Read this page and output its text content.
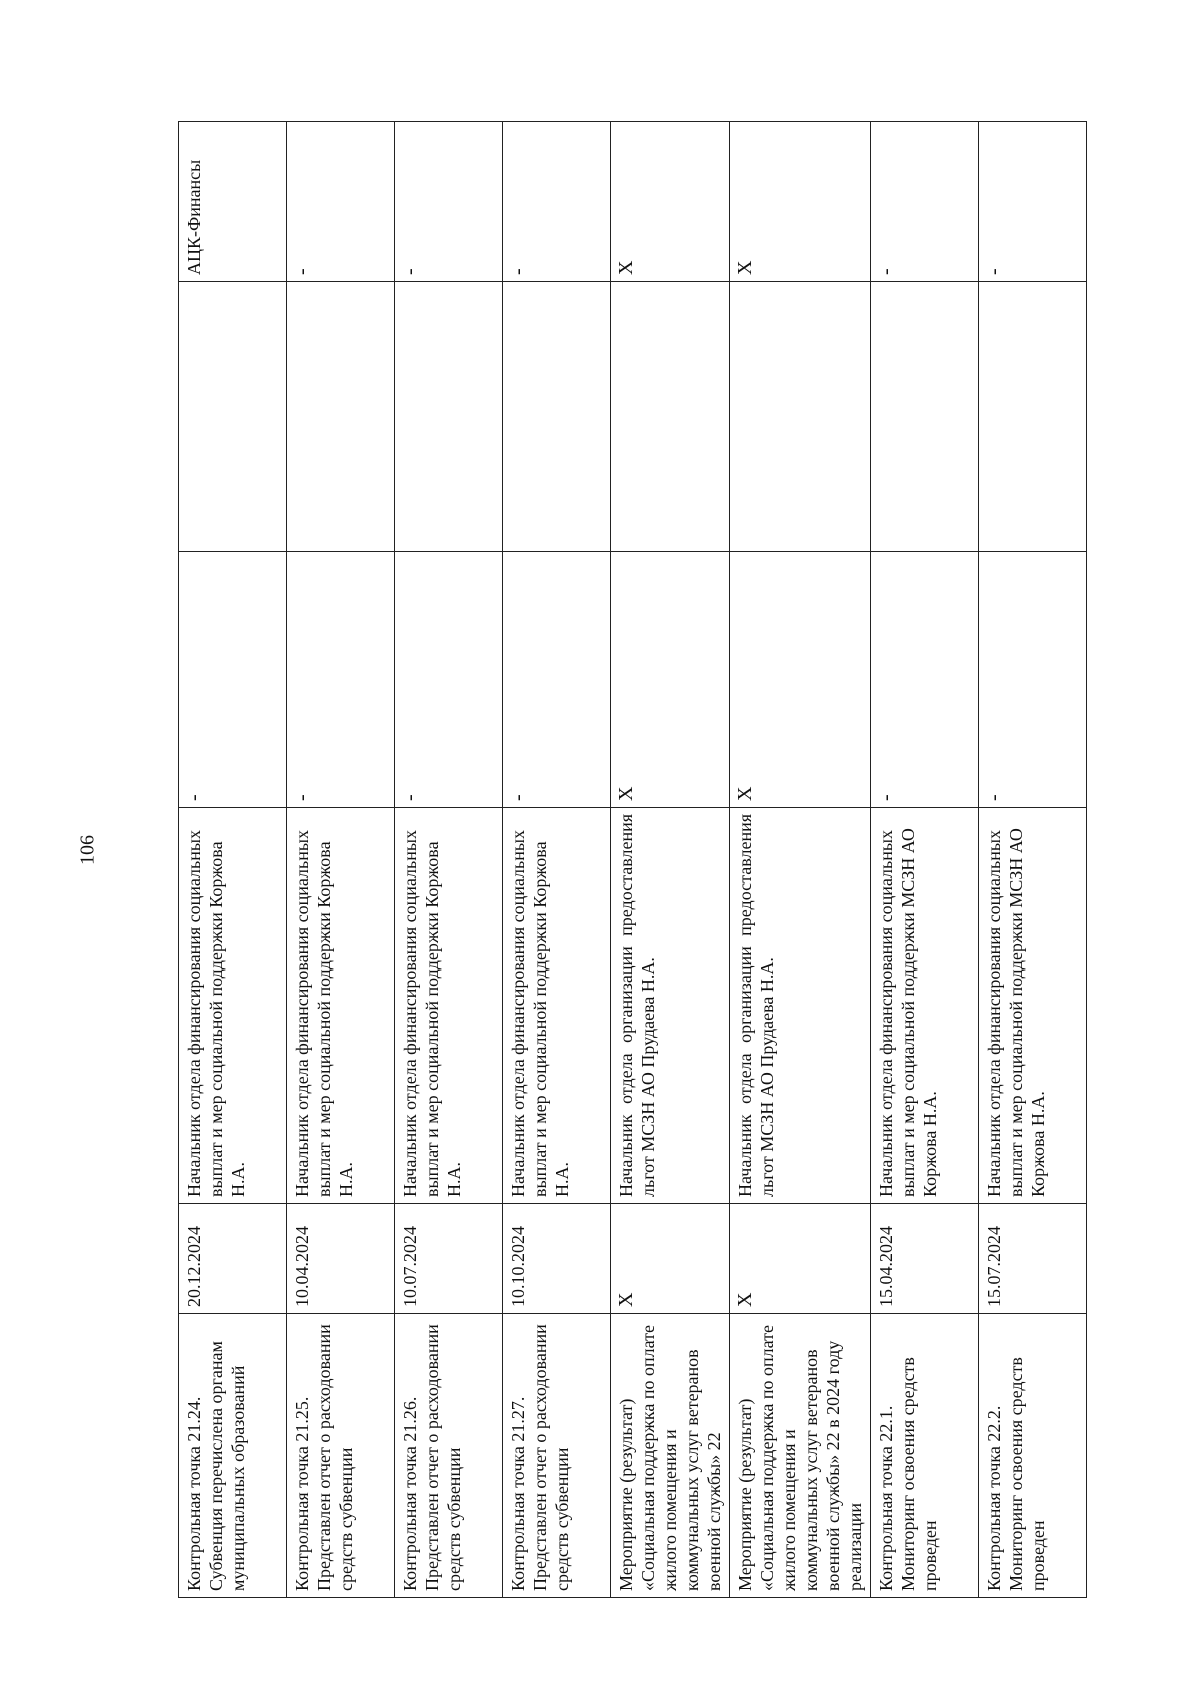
106
Контрольная точка 21.24. Субвенция перечислена органам муниципальных образований	20.12.2024	Начальник отдела финансирования социальных выплат и мер социальной поддержки Коржова Н.А.	-		АЦК-Финансы
Контрольная точка 21.25. Представлен отчет о расходовании средств субвенции	10.04.2024	Начальник отдела финансирования социальных выплат и мер социальной поддержки Коржова Н.А.	-		-
Контрольная точка 21.26. Представлен отчет о расходовании средств субвенции	10.07.2024	Начальник отдела финансирования социальных выплат и мер социальной поддержки Коржова Н.А.	-		-
Контрольная точка 21.27. Представлен отчет о расходовании средств субвенции	10.10.2024	Начальник отдела финансирования социальных выплат и мер социальной поддержки Коржова Н.А.	-		-
Мероприятие (результат) «Социальная поддержка по оплате жилого помещения и коммунальных услуг ветеранов военной службы» 22	Х	Начальник отдела организации предоставления льгот МСЗН АО Прудаева Н.А.	Х		Х
Мероприятие (результат) «Социальная поддержка по оплате жилого помещения и коммунальных услуг ветеранов военной службы» 22 в 2024 году реализации	Х	Начальник отдела организации предоставления льгот МСЗН АО Прудаева Н.А.	Х		Х
Контрольная точка 22.1. Мониторинг освоения средств проведен	15.04.2024	Начальник отдела финансирования социальных выплат и мер социальной поддержки МСЗН АО Коржова Н.А.	-		-
Контрольная точка 22.2. Мониторинг освоения средств проведен	15.07.2024	Начальник отдела финансирования социальных выплат и мер социальной поддержки МСЗН АО Коржова Н.А.	-		-
